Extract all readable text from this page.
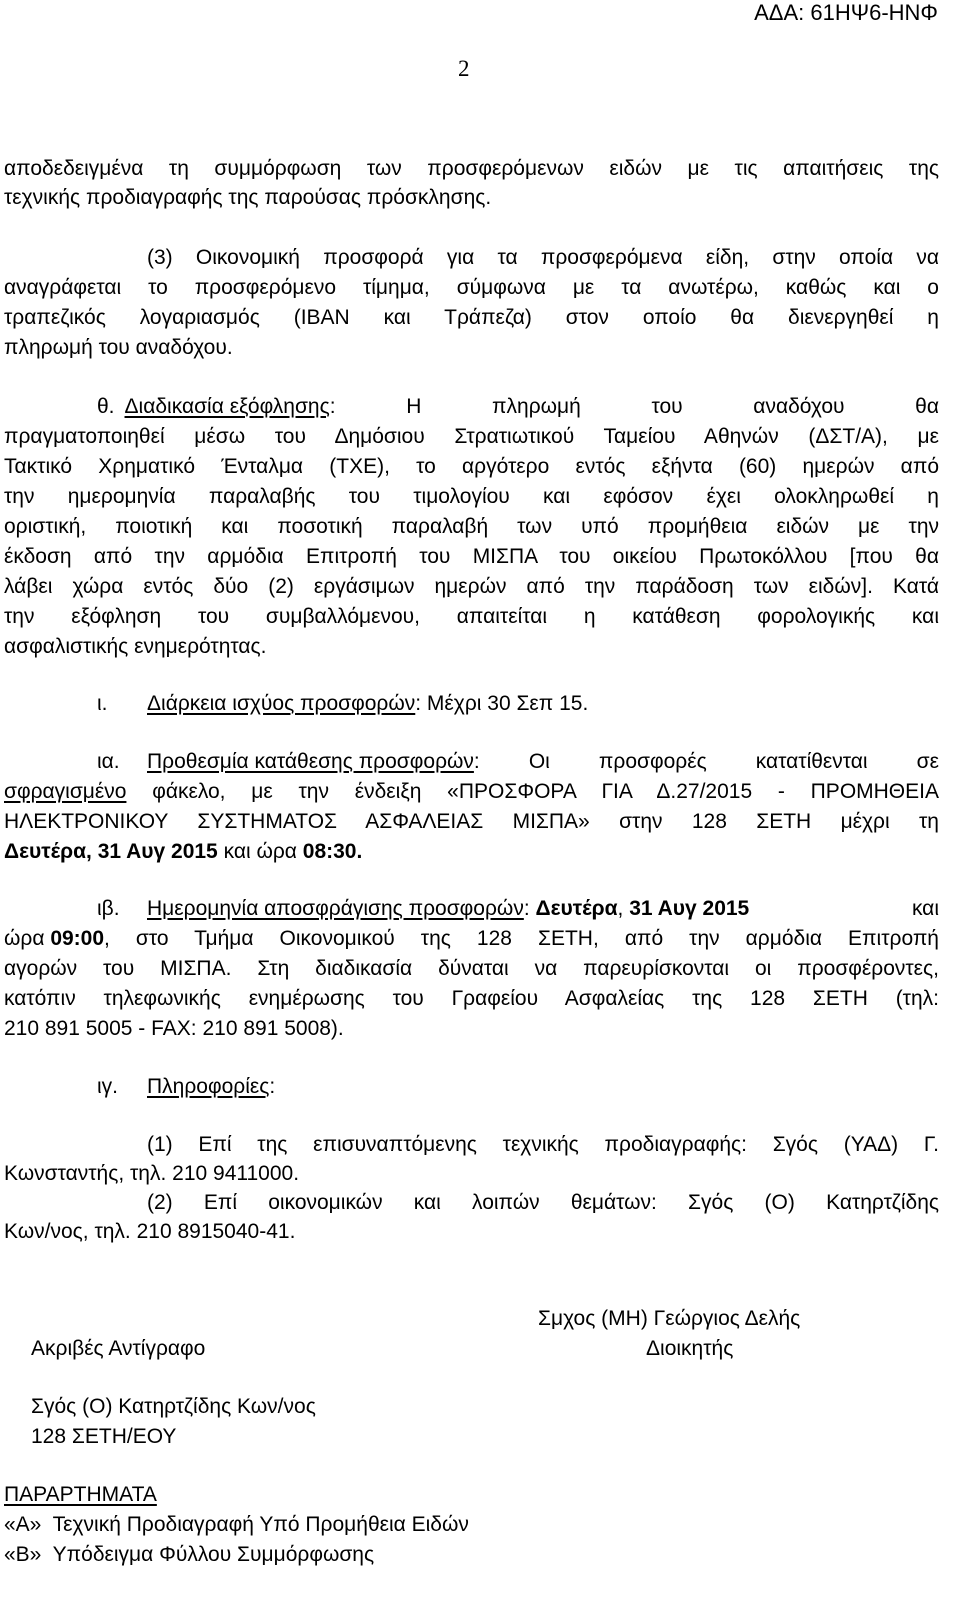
ΑΔΑ: 61ΗΨ6-ΗΝΦ
2
αποδεδειγμένα τη συμμόρφωση των προσφερόμενων ειδών με τις απαιτήσεις της
τεχνικής προδιαγραφής της παρούσας πρόσκλησης.
(3) Οικονομική προσφορά για τα προσφερόμενα είδη, στην οποία να
αναγράφεται το προσφερόμενο τίμημα, σύμφωνα με τα ανωτέρω, καθώς και ο
τραπεζικός λογαριασμός (IBAN και Τράπεζα) στον οποίο θα διενεργηθεί η
πληρωμή του αναδόχου.
θ. Διαδικασία εξόφλησης : Η πληρωμή του αναδόχου θα
πραγματοποιηθεί μέσω του Δημόσιου Στρατιωτικού Ταμείου Αθηνών (ΔΣΤ/Α), με
Τακτικό Χρηματικό Ένταλμα (ΤΧΕ), το αργότερο εντός εξήντα (60) ημερών από
την ημερομηνία παραλαβής του τιμολογίου και εφόσον έχει ολοκληρωθεί η
οριστική, ποιοτική και ποσοτική παραλαβή των υπό προμήθεια ειδών με την
έκδοση από την αρμόδια Επιτροπή του ΜΙΣΠΑ του οικείου Πρωτοκόλλου [που θα
λάβει χώρα εντός δύο (2) εργάσιμων ημερών από την παράδοση των ειδών]. Κατά
την εξόφληση του συμβαλλόμενου, απαιτείται η κατάθεση φορολογικής και
ασφαλιστικής ενημερότητας.
ι. Διάρκεια ισχύος προσφορών: Μέχρι 30 Σεπ 15.
ια.	Προθεσμία κατάθεσης προσφορών : Οι προσφορές κατατίθενται σε
σφραγισμένο φάκελο, με την ένδειξη «ΠΡΟΣΦΟΡΑ ΓΙΑ Δ.27/2015 - ΠΡΟΜΗΘΕΙΑ
ΗΛΕΚΤΡΟΝΙΚΟΥ ΣΥΣΤΗΜΑΤΟΣ ΑΣΦΑΛΕΙΑΣ ΜΙΣΠΑ» στην 128 ΣΕΤΗ μέχρι τη
Δευτέρα, 31 Αυγ 2015 και ώρα 08:30.
ιβ.	Ημερομηνία αποσφράγισης προσφορών : Δευτέρα , 31 Αυγ 2015	και
ώρα 09:00 , στο Τμήμα Οικονομικού της 128 ΣΕΤΗ, από την αρμόδια Επιτροπή
αγορών του ΜΙΣΠΑ. Στη διαδικασία δύναται να παρευρίσκονται οι προσφέροντες,
κατόπιν τηλεφωνικής ενημέρωσης του Γραφείου Ασφαλείας της 128 ΣΕΤΗ (τηλ:
210 891 5005 - FAX: 210 891 5008).
ιγ. Πληροφορίες:
(1) Επί της επισυναπτόμενης τεχνικής προδιαγραφής: Σγός (ΥΑΔ) Γ.
Κωνσταντής, τηλ. 210 9411000.
(2) Επί οικονομικών και λοιπών θεμάτων: Σγός (Ο) Κατηρτζίδης
Κων/νος, τηλ. 210 8915040-41.
Σμχος (ΜΗ) Γεώργιος Δελής
Διοικητής
Ακριβές Αντίγραφο
Σγός (Ο) Κατηρτζίδης Κων/νος
128 ΣΕΤΗ/ΕΟΥ
ΠΑΡΑΡΤΗΜΑΤΑ
«Α»  Τεχνική Προδιαγραφή Υπό Προμήθεια Ειδών
«Β»  Υπόδειγμα Φύλλου Συμμόρφωσης
